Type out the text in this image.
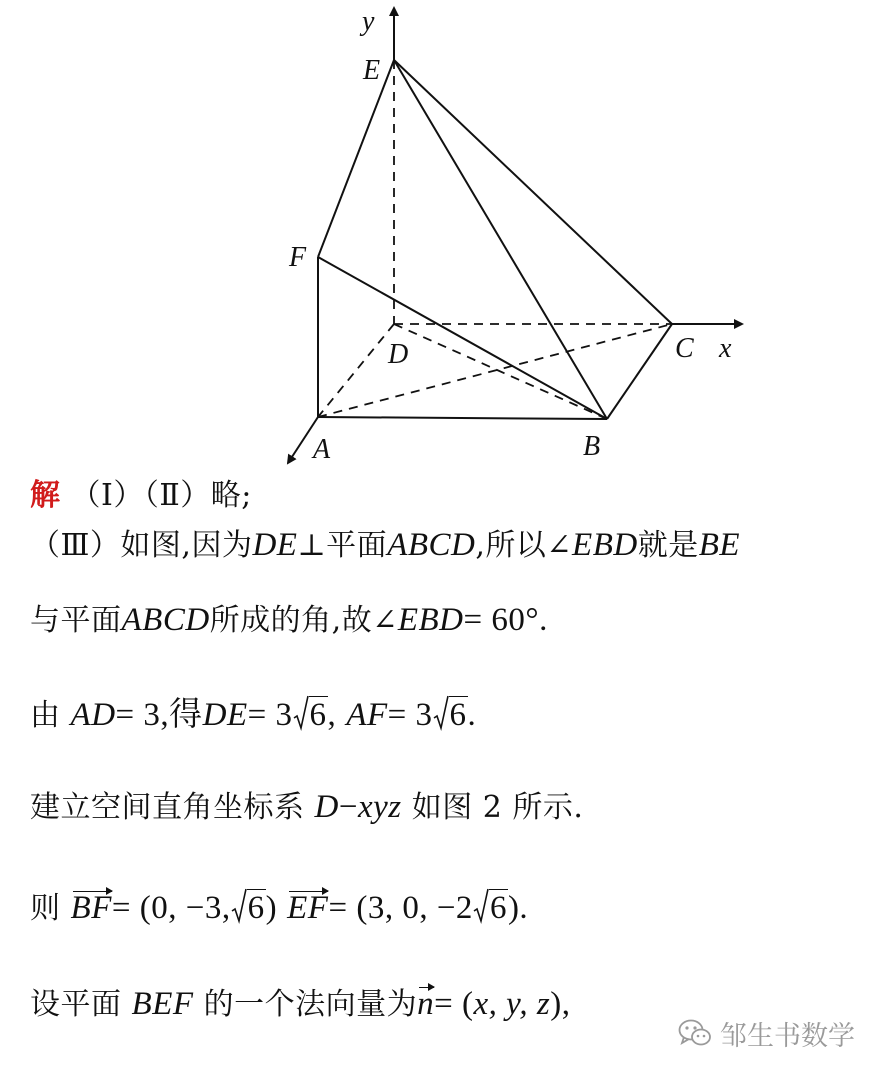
y
E
F
D	C x
A	B
解 （Ⅰ）（Ⅱ）略;
（Ⅲ）如图,因为DE⊥平面ABCD,所以∠EBD就是BE
与平面ABCD所成的角,故∠EBD= 60°.
由 AD= 3,得DE= 3 6, AF= 3 6.
建立空间直角坐标系 D−xyz 如图 2 所示.
则 BF= (0, −3, 6) EF= (3, 0, −2 6).
设平面 BEF 的一个法向量为n= (x, y, z),
邹生书数学
